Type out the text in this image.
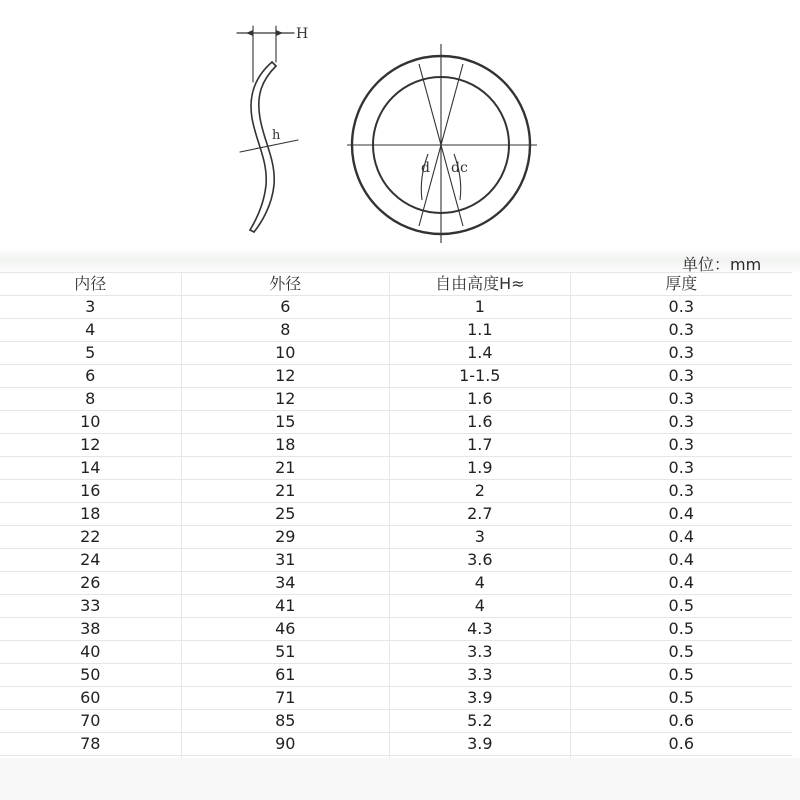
H
h
d dc
单位：mm
内径	外径	自由高度H≈	厚度
3	6	1	0.3
4	8	1.1	0.3
5	10	1.4	0.3
6	12	1-1.5	0.3
8	12	1.6	0.3
10	15	1.6	0.3
12	18	1.7	0.3
14	21	1.9	0.3
16	21	2	0.3
18	25	2.7	0.4
22	29	3	0.4
24	31	3.6	0.4
26	34	4	0.4
33	41	4	0.5
38	46	4.3	0.5
40	51	3.3	0.5
50	61	3.3	0.5
60	71	3.9	0.5
70	85	5.2	0.6
78	90	3.9	0.6
